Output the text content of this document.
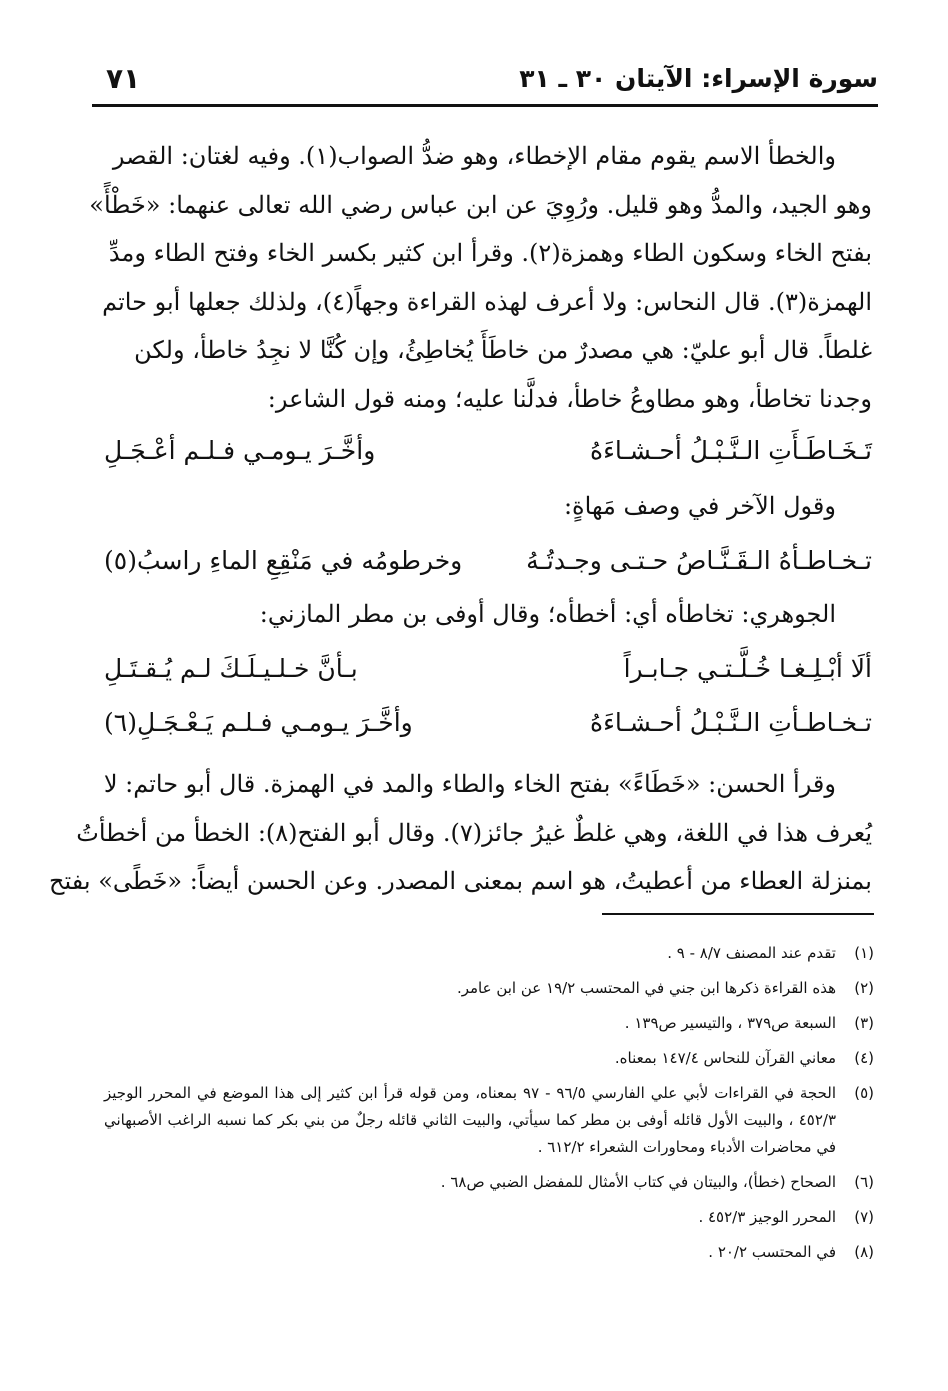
سورة الإسراء: الآيتان ٣٠ ـ ٣١
٧١
والخطأ الاسم يقوم مقام الإخطاء، وهو ضدُّ الصواب(١). وفيه لغتان: القصر
وهو الجيد، والمدُّ وهو قليل. ورُوِيَ عن ابن عباس رضي الله تعالى عنهما: «خَطْأً»
بفتح الخاء وسكون الطاء وهمزة(٢). وقرأ ابن كثير بكسر الخاء وفتح الطاء ومدِّ
الهمزة(٣). قال النحاس: ولا أعرف لهذه القراءة وجهاً(٤)، ولذلك جعلها أبو حاتم
غلطاً. قال أبو عليّ: هي مصدرٌ من خاطَأَ يُخاطِئُ، وإن كُنَّا لا نجِدُ خاطأ، ولكن
وجدنا تخاطأ، وهو مطاوعُ خاطأ، فدلَّنا عليه؛ ومنه قول الشاعر:
تَـخَـاطَـأَتِ الـنَّـبْـلُ أحـشـاءَهُ
وأخَّـرَ يـومـي فـلـم أعْـجَـلِ
وقول الآخر في وصف مَهاةٍ:
تـخـاطـأهُ الـقَـنَّـاصُ حـتـى وجـدتُـهُ
وخرطومُه في مَنْقِعِ الماءِ راسبُ(٥)
الجوهري: تخاطأه أي: أخطأه؛ وقال أوفى بن مطر المازني:
ألَا أبْـلِـغـا خُـلَّـتـي جـابـراً
بـأنَّ خـلـيـلَـكَ لـم يُـقـتَـلِ
تـخـاطـأتِ الـنَّـبْـلُ أحـشـاءَهُ
وأخَّـرَ يـومـي فـلـم يَـعْـجَـلِ(٦)
وقرأ الحسن: «خَطَاءً» بفتح الخاء والطاء والمد في الهمزة. قال أبو حاتم: لا
يُعرف هذا في اللغة، وهي غلطٌ غيرُ جائز(٧). وقال أبو الفتح(٨): الخطأ من أخطأتُ
بمنزلة العطاء من أعطيتُ، هو اسم بمعنى المصدر. وعن الحسن أيضاً: «خَطًى» بفتح
(١)
تقدم عند المصنف ٨/٧ - ٩ .
(٢)
هذه القراءة ذكرها ابن جني في المحتسب ١٩/٢ عن ابن عامر.
(٣)
السبعة ص٣٧٩ ، والتيسير ص١٣٩ .
(٤)
معاني القرآن للنحاس ١٤٧/٤ بمعناه.
(٥)
الحجة في القراءات لأبي علي الفارسي ٩٦/٥ - ٩٧ بمعناه، ومن قوله قرأ ابن كثير إلى هذا الموضع في المحرر الوجيز ٤٥٢/٣ ، والبيت الأول قائله أوفى بن مطر كما سيأتي، والبيت الثاني قائله رجلٌ من بني بكر كما نسبه الراغب الأصبهاني في محاضرات الأدباء ومحاورات الشعراء ٦١٢/٢ .
(٦)
الصحاح (خطأ)، والبيتان في كتاب الأمثال للمفضل الضبي ص٦٨ .
(٧)
المحرر الوجيز ٤٥٢/٣ .
(٨)
في المحتسب ٢٠/٢ .
